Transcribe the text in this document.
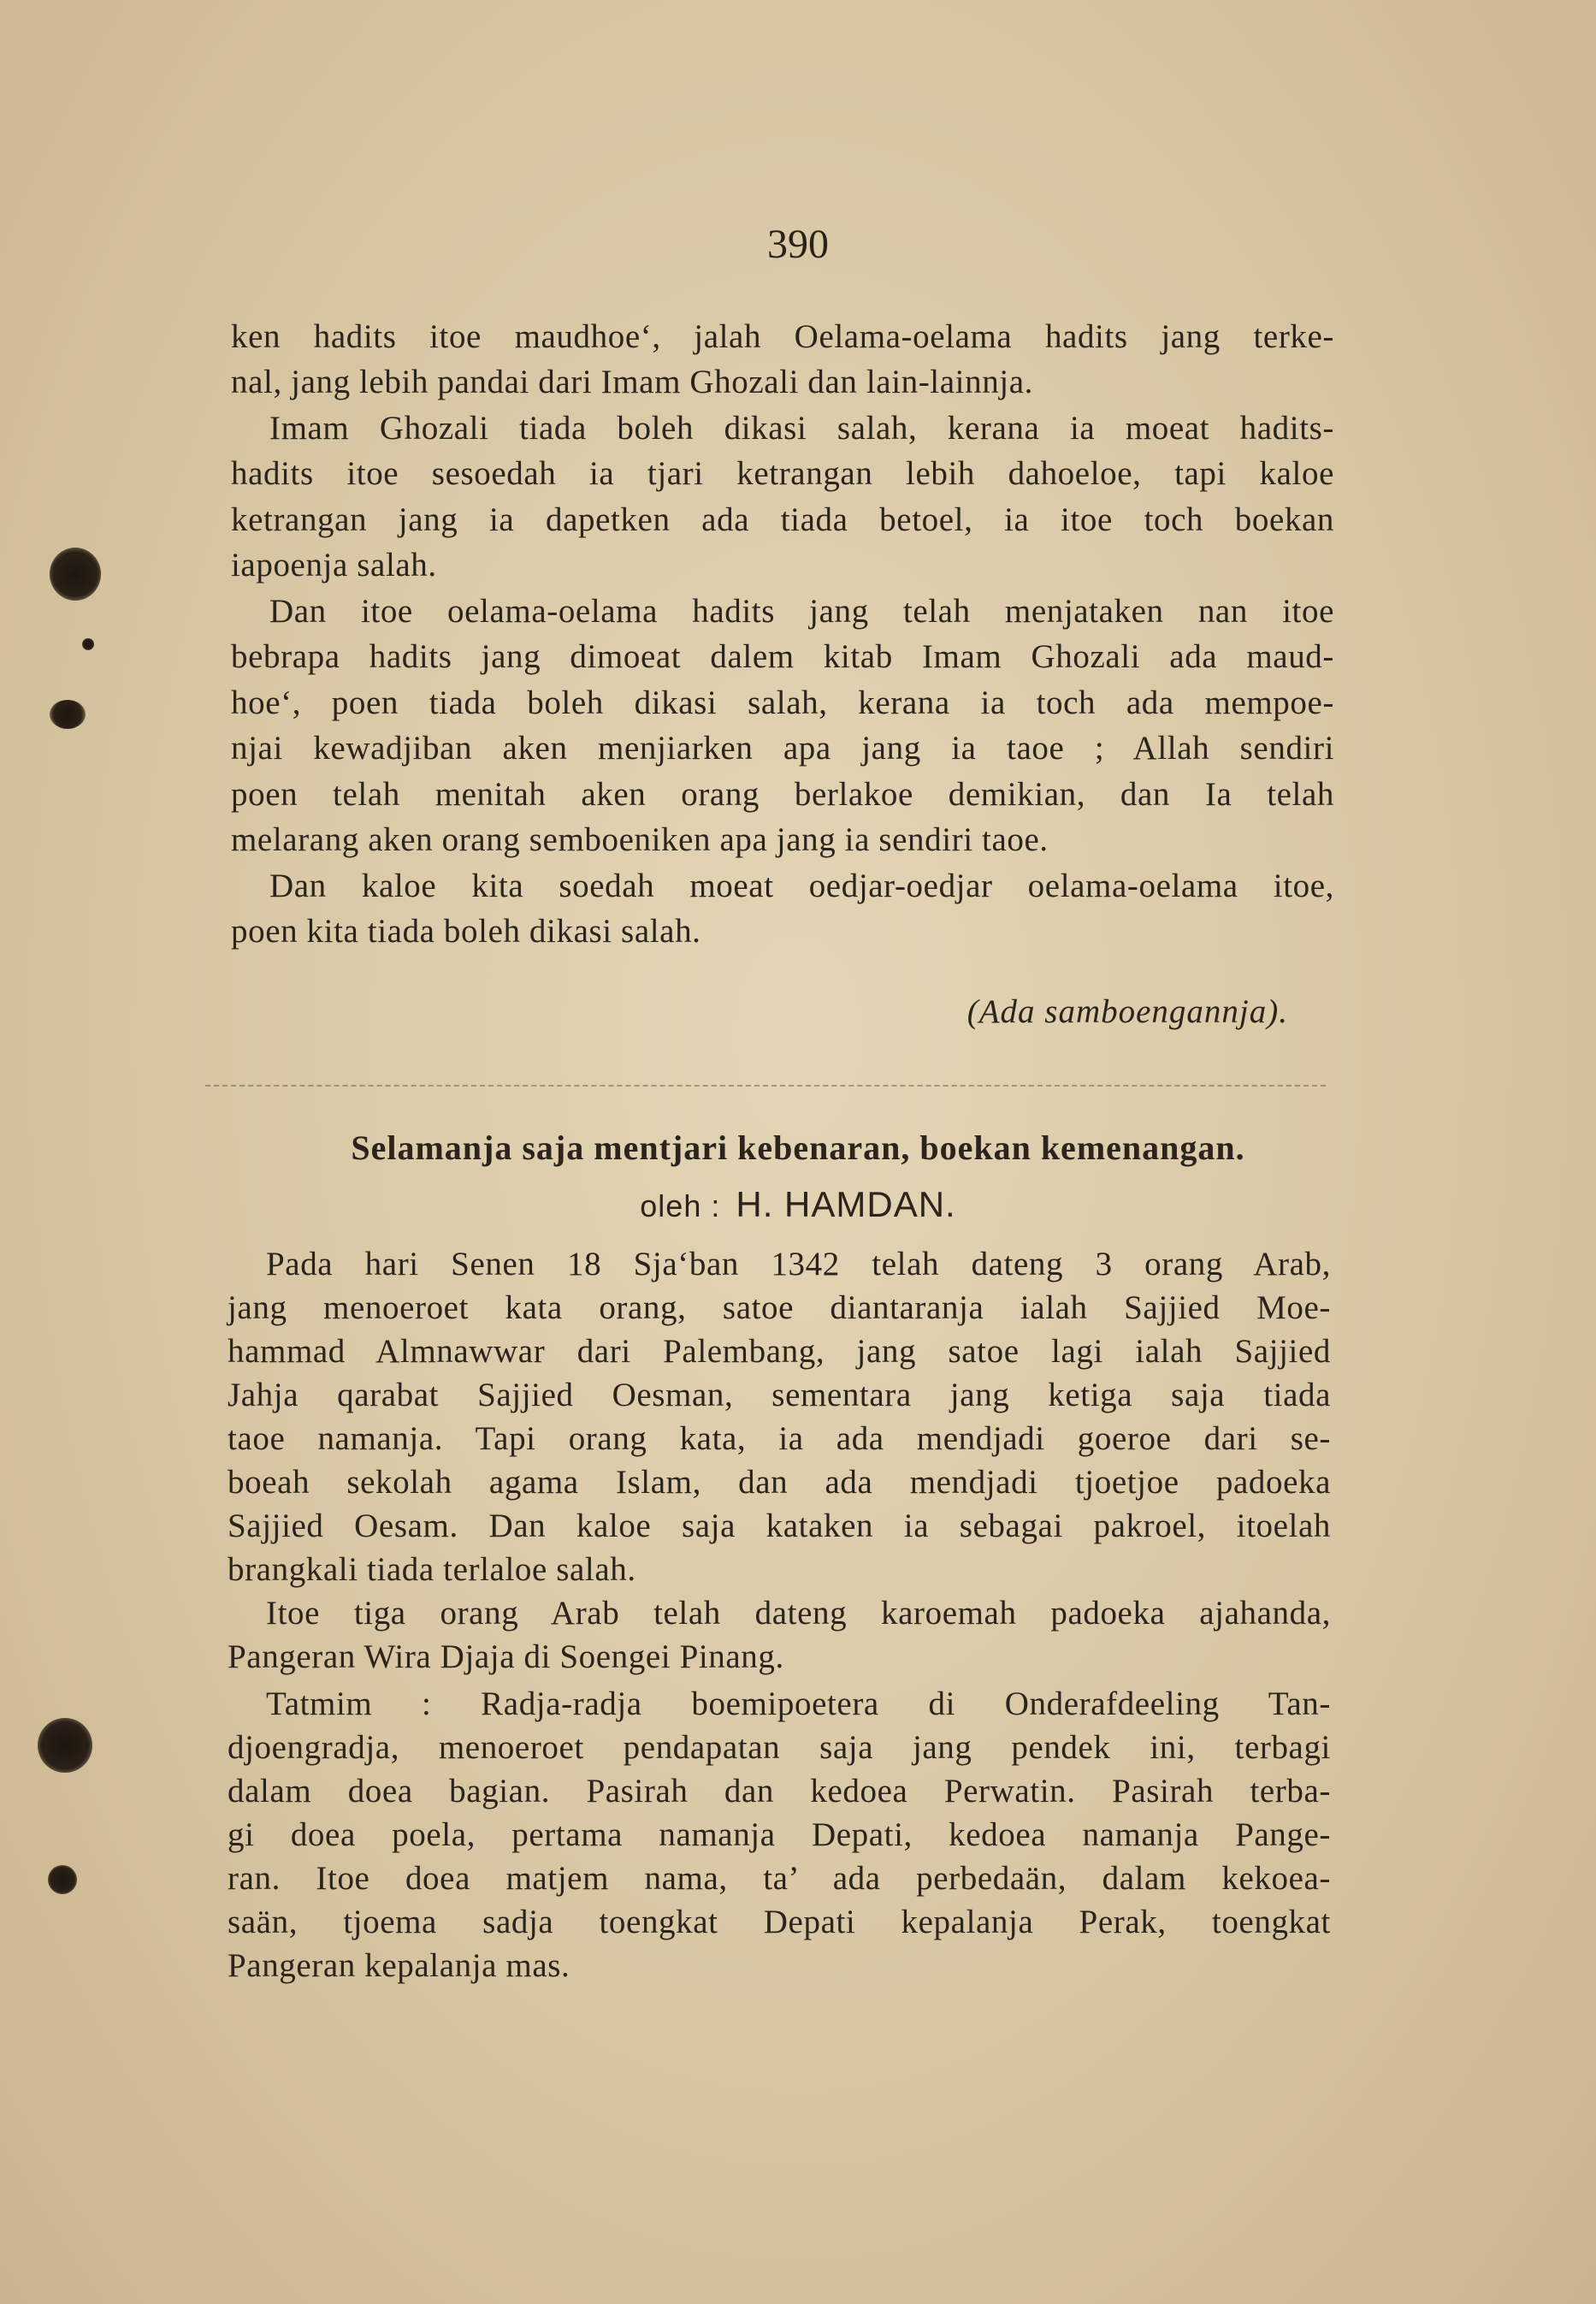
390
ken hadits itoe maudhoe‘, jalah Oelama-oelama hadits jang terke-
nal, jang lebih pandai dari Imam Ghozali dan lain-lainnja.
Imam Ghozali tiada boleh dikasi salah, kerana ia moeat hadits-
hadits itoe sesoedah ia tjari ketrangan lebih dahoeloe, tapi kaloe
ketrangan jang ia dapetken ada tiada betoel, ia itoe toch boekan
iapoenja salah.
Dan itoe oelama-oelama hadits jang telah menjataken nan itoe
bebrapa hadits jang dimoeat dalem kitab Imam Ghozali ada maud-
hoe‘, poen tiada boleh dikasi salah, kerana ia toch ada mempoe-
njai kewadjiban aken menjiarken apa jang ia taoe ; Allah sendiri
poen telah menitah aken orang berlakoe demikian, dan Ia telah
melarang aken orang semboeniken apa jang ia sendiri taoe.
Dan kaloe kita soedah moeat oedjar-oedjar oelama-oelama itoe,
poen kita tiada boleh dikasi salah.
(Ada samboengannja).
Selamanja saja mentjari kebenaran, boekan kemenangan.
oleh : H. HAMDAN.
Pada hari Senen 18 Sja‘ban 1342 telah dateng 3 orang Arab,
jang menoeroet kata orang, satoe diantaranja ialah Sajjied Moe-
hammad Almnawwar dari Palembang, jang satoe lagi ialah Sajjied
Jahja qarabat Sajjied Oesman, sementara jang ketiga saja tiada
taoe namanja. Tapi orang kata, ia ada mendjadi goeroe dari se-
boeah sekolah agama Islam, dan ada mendjadi tjoetjoe padoeka
Sajjied Oesam. Dan kaloe saja kataken ia sebagai pakroel, itoelah
brangkali tiada terlaloe salah.
Itoe tiga orang Arab telah dateng karoemah padoeka ajahanda,
Pangeran Wira Djaja di Soengei Pinang.
Tatmim : Radja-radja boemipoetera di Onderafdeeling Tan-
djoengradja, menoeroet pendapatan saja jang pendek ini, terbagi
dalam doea bagian. Pasirah dan kedoea Perwatin. Pasirah terba-
gi doea poela, pertama namanja Depati, kedoea namanja Pange-
ran. Itoe doea matjem nama, ta’ ada perbedaän, dalam kekoea-
saän, tjoema sadja toengkat Depati kepalanja Perak, toengkat
Pangeran kepalanja mas.
